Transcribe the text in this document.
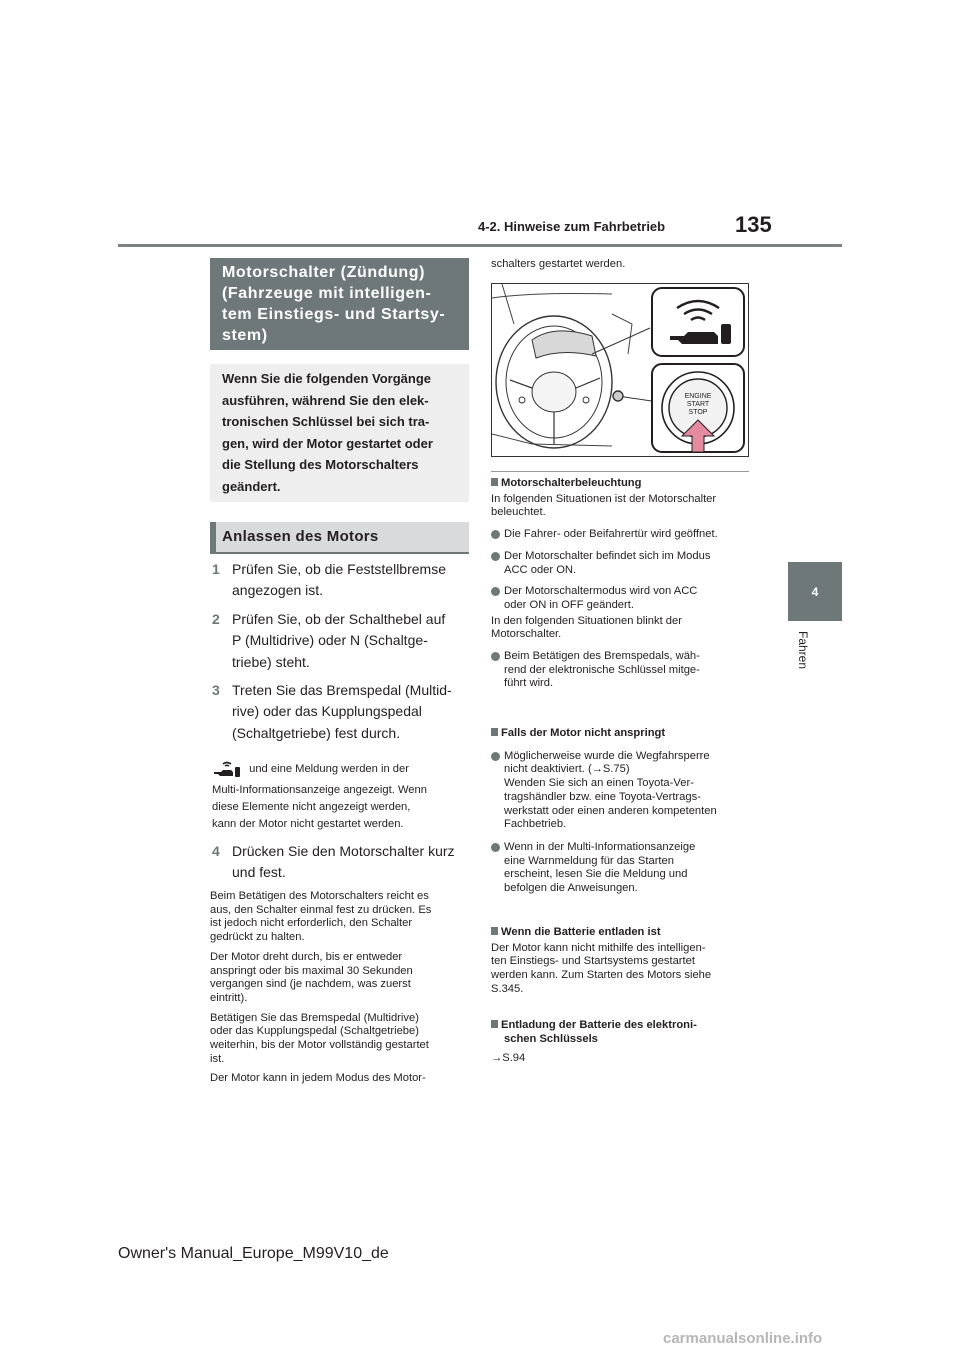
4-2. Hinweise zum Fahrbetrieb	135
4
Fahren
Motorschalter (Zündung)
(Fahrzeuge mit intelligen-
tem Einstiegs- und Startsy-
stem)
Wenn Sie die folgenden Vorgänge
ausführen, während Sie den elek-
tronischen Schlüssel bei sich tra-
gen, wird der Motor gestartet oder
die Stellung des Motorschalters
geändert.
Anlassen des Motors
1 Prüfen Sie, ob die Feststellbremse
angezogen ist.
2 Prüfen Sie, ob der Schalthebel auf
P (Multidrive) oder N (Schaltge-
triebe) steht.
3 Treten Sie das Bremspedal (Multid-
rive) oder das Kupplungspedal
(Schaltgetriebe) fest durch.
und eine Meldung werden in der
Multi-Informationsanzeige angezeigt. Wenn
diese Elemente nicht angezeigt werden,
kann der Motor nicht gestartet werden.
4 Drücken Sie den Motorschalter kurz
und fest.
Beim Betätigen des Motorschalters reicht es
aus, den Schalter einmal fest zu drücken. Es
ist jedoch nicht erforderlich, den Schalter
gedrückt zu halten.
Der Motor dreht durch, bis er entweder
anspringt oder bis maximal 30 Sekunden
vergangen sind (je nachdem, was zuerst
eintritt).
Betätigen Sie das Bremspedal (Multidrive)
oder das Kupplungspedal (Schaltgetriebe)
weiterhin, bis der Motor vollständig gestartet
ist.
Der Motor kann in jedem Modus des Motor-
schalters gestartet werden.
ENGINE
START
STOP
Motorschalterbeleuchtung
In folgenden Situationen ist der Motorschalter
beleuchtet.
Die Fahrer- oder Beifahrertür wird geöffnet.
Der Motorschalter befindet sich im Modus
ACC oder ON.
Der Motorschaltermodus wird von ACC
oder ON in OFF geändert.
In den folgenden Situationen blinkt der
Motorschalter.
Beim Betätigen des Bremspedals, wäh-
rend der elektronische Schlüssel mitge-
führt wird.
Falls der Motor nicht anspringt
Möglicherweise wurde die Wegfahrsperre
nicht deaktiviert. (→S.75)
Wenden Sie sich an einen Toyota-Ver-
tragshändler bzw. eine Toyota-Vertrags-
werkstatt oder einen anderen kompetenten
Fachbetrieb.
Wenn in der Multi-Informationsanzeige
eine Warnmeldung für das Starten
erscheint, lesen Sie die Meldung und
befolgen die Anweisungen.
Wenn die Batterie entladen ist
Der Motor kann nicht mithilfe des intelligen-
ten Einstiegs- und Startsystems gestartet
werden kann. Zum Starten des Motors siehe
S.345.
Entladung der Batterie des elektroni-
schen Schlüssels
→S.94
Owner's Manual_Europe_M99V10_de
carmanualsonline.info
